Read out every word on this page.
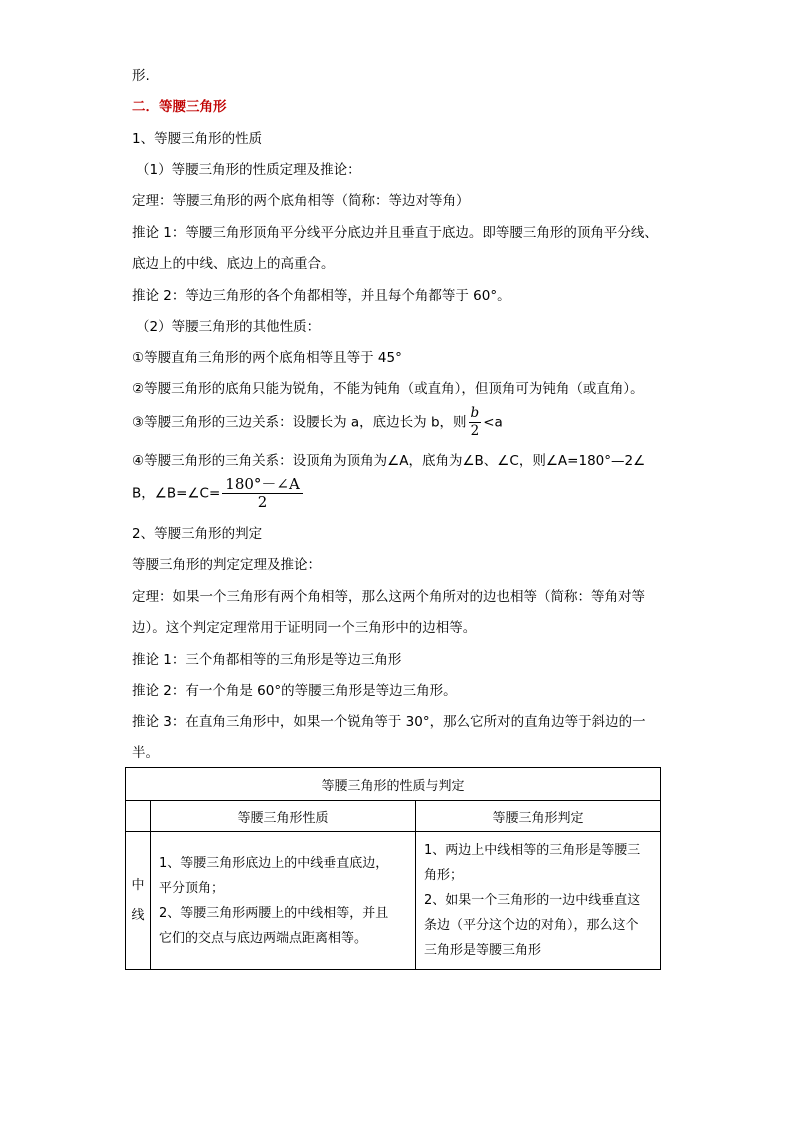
形.
二．等腰三角形
1、等腰三角形的性质
（1）等腰三角形的性质定理及推论：
定理：等腰三角形的两个底角相等（简称：等边对等角）
推论 1：等腰三角形顶角平分线平分底边并且垂直于底边。即等腰三角形的顶角平分线、
底边上的中线、底边上的高重合。
推论 2：等边三角形的各个角都相等，并且每个角都等于 60°。
（2）等腰三角形的其他性质：
①等腰直角三角形的两个底角相等且等于 45°
②等腰三角形的底角只能为锐角，不能为钝角（或直角），但顶角可为钝角（或直角）。
③等腰三角形的三边关系：设腰长为 a，底边长为 b，则 $\frac{b}{2} <a$
④等腰三角形的三角关系：设顶角为顶角为∠A，底角为∠B、∠C，则∠A=180°—2∠
B，∠B=∠C= $\frac{180^\circ-\angle A}{2}$
2、等腰三角形的判定
等腰三角形的判定定理及推论：
定理：如果一个三角形有两个角相等，那么这两个角所对的边也相等（简称：等角对等
边）。这个判定定理常用于证明同一个三角形中的边相等。
推论 1：三个角都相等的三角形是等边三角形
推论 2：有一个角是 60°的等腰三角形是等边三角形。
推论 3：在直角三角形中，如果一个锐角等于 30°，那么它所对的直角边等于斜边的一
半。
等腰三角形的性质与判定		
	等腰三角形性质	等腰三角形判定

中
线	1、等腰三角形底边上的中线垂直底边，
平分顶角；
2、等腰三角形两腰上的中线相等，并且
它们的交点与底边两端点距离相等。	1、两边上中线相等的三角形是等腰三
角形；
2、如果一个三角形的一边中线垂直这
条边（平分这个边的对角），那么这个
三角形是等腰三角形
